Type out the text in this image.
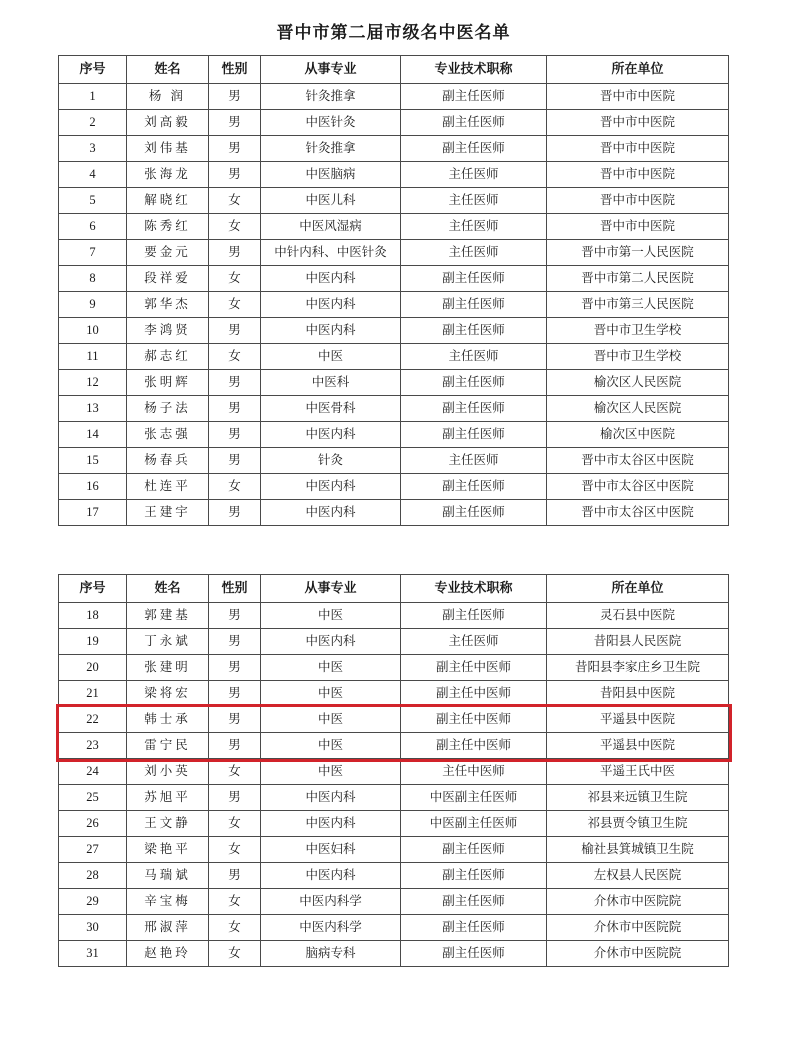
晋中市第二届市级名中医名单
序号	姓名	性别	从事专业	专业技术职称	所在单位
1	杨 润	男	针灸推拿	副主任医师	晋中市中医院
2	刘高毅	男	中医针灸	副主任医师	晋中市中医院
3	刘伟基	男	针灸推拿	副主任医师	晋中市中医院
4	张海龙	男	中医脑病	主任医师	晋中市中医院
5	解晓红	女	中医儿科	主任医师	晋中市中医院
6	陈秀红	女	中医风湿病	主任医师	晋中市中医院
7	要金元	男	中针内科、中医针灸	主任医师	晋中市第一人民医院
8	段祥爱	女	中医内科	副主任医师	晋中市第二人民医院
9	郭华杰	女	中医内科	副主任医师	晋中市第三人民医院
10	李鸿贤	男	中医内科	副主任医师	晋中市卫生学校
11	郝志红	女	中医	主任医师	晋中市卫生学校
12	张明辉	男	中医科	副主任医师	榆次区人民医院
13	杨子法	男	中医骨科	副主任医师	榆次区人民医院
14	张志强	男	中医内科	副主任医师	榆次区中医院
15	杨春兵	男	针灸	主任医师	晋中市太谷区中医院
16	杜连平	女	中医内科	副主任医师	晋中市太谷区中医院
17	王建宇	男	中医内科	副主任医师	晋中市太谷区中医院
序号	姓名	性别	从事专业	专业技术职称	所在单位
18	郭建基	男	中医	副主任医师	灵石县中医院
19	丁永斌	男	中医内科	主任医师	昔阳县人民医院
20	张建明	男	中医	副主任中医师	昔阳县李家庄乡卫生院
21	梁将宏	男	中医	副主任中医师	昔阳县中医院
22	韩士承	男	中医	副主任中医师	平遥县中医院
23	雷宁民	男	中医	副主任中医师	平遥县中医院
24	刘小英	女	中医	主任中医师	平遥王氏中医
25	苏旭平	男	中医内科	中医副主任医师	祁县来远镇卫生院
26	王文静	女	中医内科	中医副主任医师	祁县贾令镇卫生院
27	梁艳平	女	中医妇科	副主任医师	榆社县箕城镇卫生院
28	马瑞斌	男	中医内科	副主任医师	左权县人民医院
29	辛宝梅	女	中医内科学	副主任医师	介休市中医院院
30	邢淑萍	女	中医内科学	副主任医师	介休市中医院院
31	赵艳玲	女	脑病专科	副主任医师	介休市中医院院
